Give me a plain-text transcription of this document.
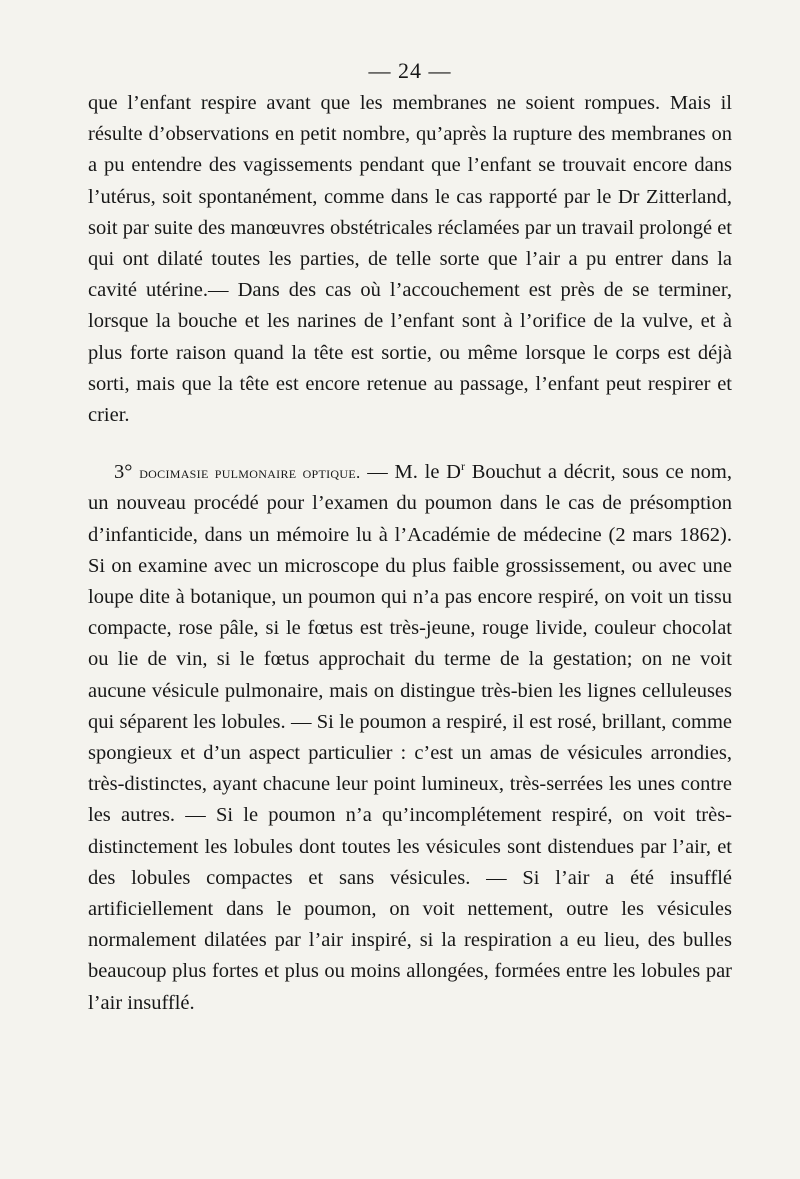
— 24 —

que l’enfant respire avant que les membranes ne soient rompues. Mais il résulte d’observations en petit nombre, qu’après la rupture des membranes on a pu entendre des vagissements pendant que l’enfant se trouvait encore dans l’utérus, soit spontanément, comme dans le cas rapporté par le Dr Zitterland, soit par suite des manœuvres obstétricales réclamées par un travail prolongé et qui ont dilaté toutes les parties, de telle sorte que l’air a pu entrer dans la cavité utérine.— Dans des cas où l’accouchement est près de se terminer, lorsque la bouche et les narines de l’enfant sont à l’orifice de la vulve, et à plus forte raison quand la tête est sortie, ou même lorsque le corps est déjà sorti, mais que la tête est encore retenue au passage, l’enfant peut respirer et crier.

3° docimasie pulmonaire optique. — M. le $D^r$ Bouchut a décrit, sous ce nom, un nouveau procédé pour l’examen du poumon dans le cas de présomption d’infanticide, dans un mémoire lu à l’Académie de médecine (2 mars 1862). Si on examine avec un microscope du plus faible grossissement, ou avec une loupe dite à botanique, un poumon qui n’a pas encore respiré, on voit un tissu compacte, rose pâle, si le fœtus est très-jeune, rouge livide, couleur chocolat ou lie de vin, si le fœtus approchait du terme de la gestation; on ne voit aucune vésicule pulmonaire, mais on distingue très-bien les lignes celluleuses qui séparent les lobules. — Si le poumon a respiré, il est rosé, brillant, comme spongieux et d’un aspect particulier : c’est un amas de vésicules arrondies, très-distinctes, ayant chacune leur point lumineux, très-serrées les unes contre les autres. — Si le poumon n’a qu’incomplétement respiré, on voit très-distinctement les lobules dont toutes les vésicules sont distendues par l’air, et des lobules compactes et sans vésicules. — Si l’air a été insufflé artificiellement dans le poumon, on voit nettement, outre les vésicules normalement dilatées par l’air inspiré, si la respiration a eu lieu, des bulles beaucoup plus fortes et plus ou moins allongées, formées entre les lobules par l’air insufflé.
